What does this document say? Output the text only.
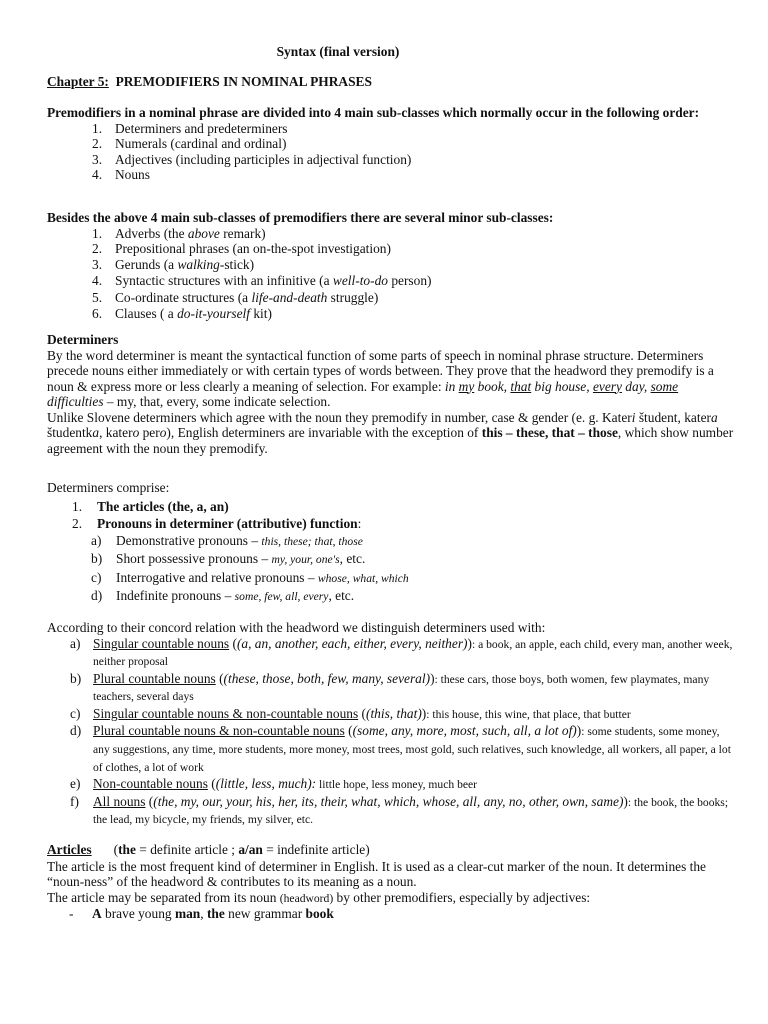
Syntax (final version)
Chapter 5: PREMODIFIERS IN NOMINAL PHRASES

Premodifiers in a nominal phrase are divided into 4 main sub-classes which normally occur in the following order:

1. Determiners and predeterminers
2. Numerals (cardinal and ordinal)
3. Adjectives (including participles in adjectival function)
4. Nouns

Besides the above 4 main sub-classes of premodifiers there are several minor sub-classes:

1. Adverbs (the above remark)
2. Prepositional phrases (an on-the-spot investigation)
3. Gerunds (a walking-stick)
4. Syntactic structures with an infinitive (a well-to-do person)
5. Co-ordinate structures (a life-and-death struggle)
6. Clauses ( a do-it-yourself kit)

Determiners

By the word determiner is meant the syntactical function of some parts of speech in nominal phrase structure. Determiners precede nouns either immediately or with certain types of words between. They prove that the headword they premodify is a noun & express more or less clearly a meaning of selection. For example: in my book, that big house, every day, some difficulties – my, that, every, some indicate selection.

Unlike Slovene determiners which agree with the noun they premodify in number, case & gender (e. g. Kateri študent, katera študentka, katero pero), English determiners are invariable with the exception of this – these, that – those, which show number agreement with the noun they premodify.

Determiners comprise:

1. The articles (the, a, an)
2. Pronouns in determiner (attributive) function:
a) Demonstrative pronouns – this, these; that, those
b) Short possessive pronouns – my, your, one's, etc.
c) Interrogative and relative pronouns – whose, what, which
d) Indefinite pronouns – some, few, all, every, etc.

According to their concord relation with the headword we distinguish determiners used with:

a) Singular countable nouns ((a, an, another, each, either, every, neither)): a book, an apple, each child, every man, another week, neither proposal
b) Plural countable nouns ((these, those, both, few, many, several)): these cars, those boys, both women, few playmates, many teachers, several days
c) Singular countable nouns & non-countable nouns ((this, that)): this house, this wine, that place, that butter
d) Plural countable nouns & non-countable nouns ((some, any, more, most, such, all, a lot of)): some students, some money, any suggestions, any time, more students, more money, most trees, most gold, such relatives, such knowledge, all workers, all paper, a lot of clothes, a lot of work
e) Non-countable nouns ((little, less, much): little hope, less money, much beer
f) All nouns ((the, my, our, your, his, her, its, their, what, which, whose, all, any, no, other, own, same)): the book, the books; the lead, my bicycle, my friends, my silver, etc.

Articles (the = definite article ; a/an = indefinite article)

The article is the most frequent kind of determiner in English. It is used as a clear-cut marker of the noun. It determines the “noun-ness” of the headword & contributes to its meaning as a noun.

The article may be separated from its noun (headword) by other premodifiers, especially by adjectives:

- A brave young man, the new grammar book
